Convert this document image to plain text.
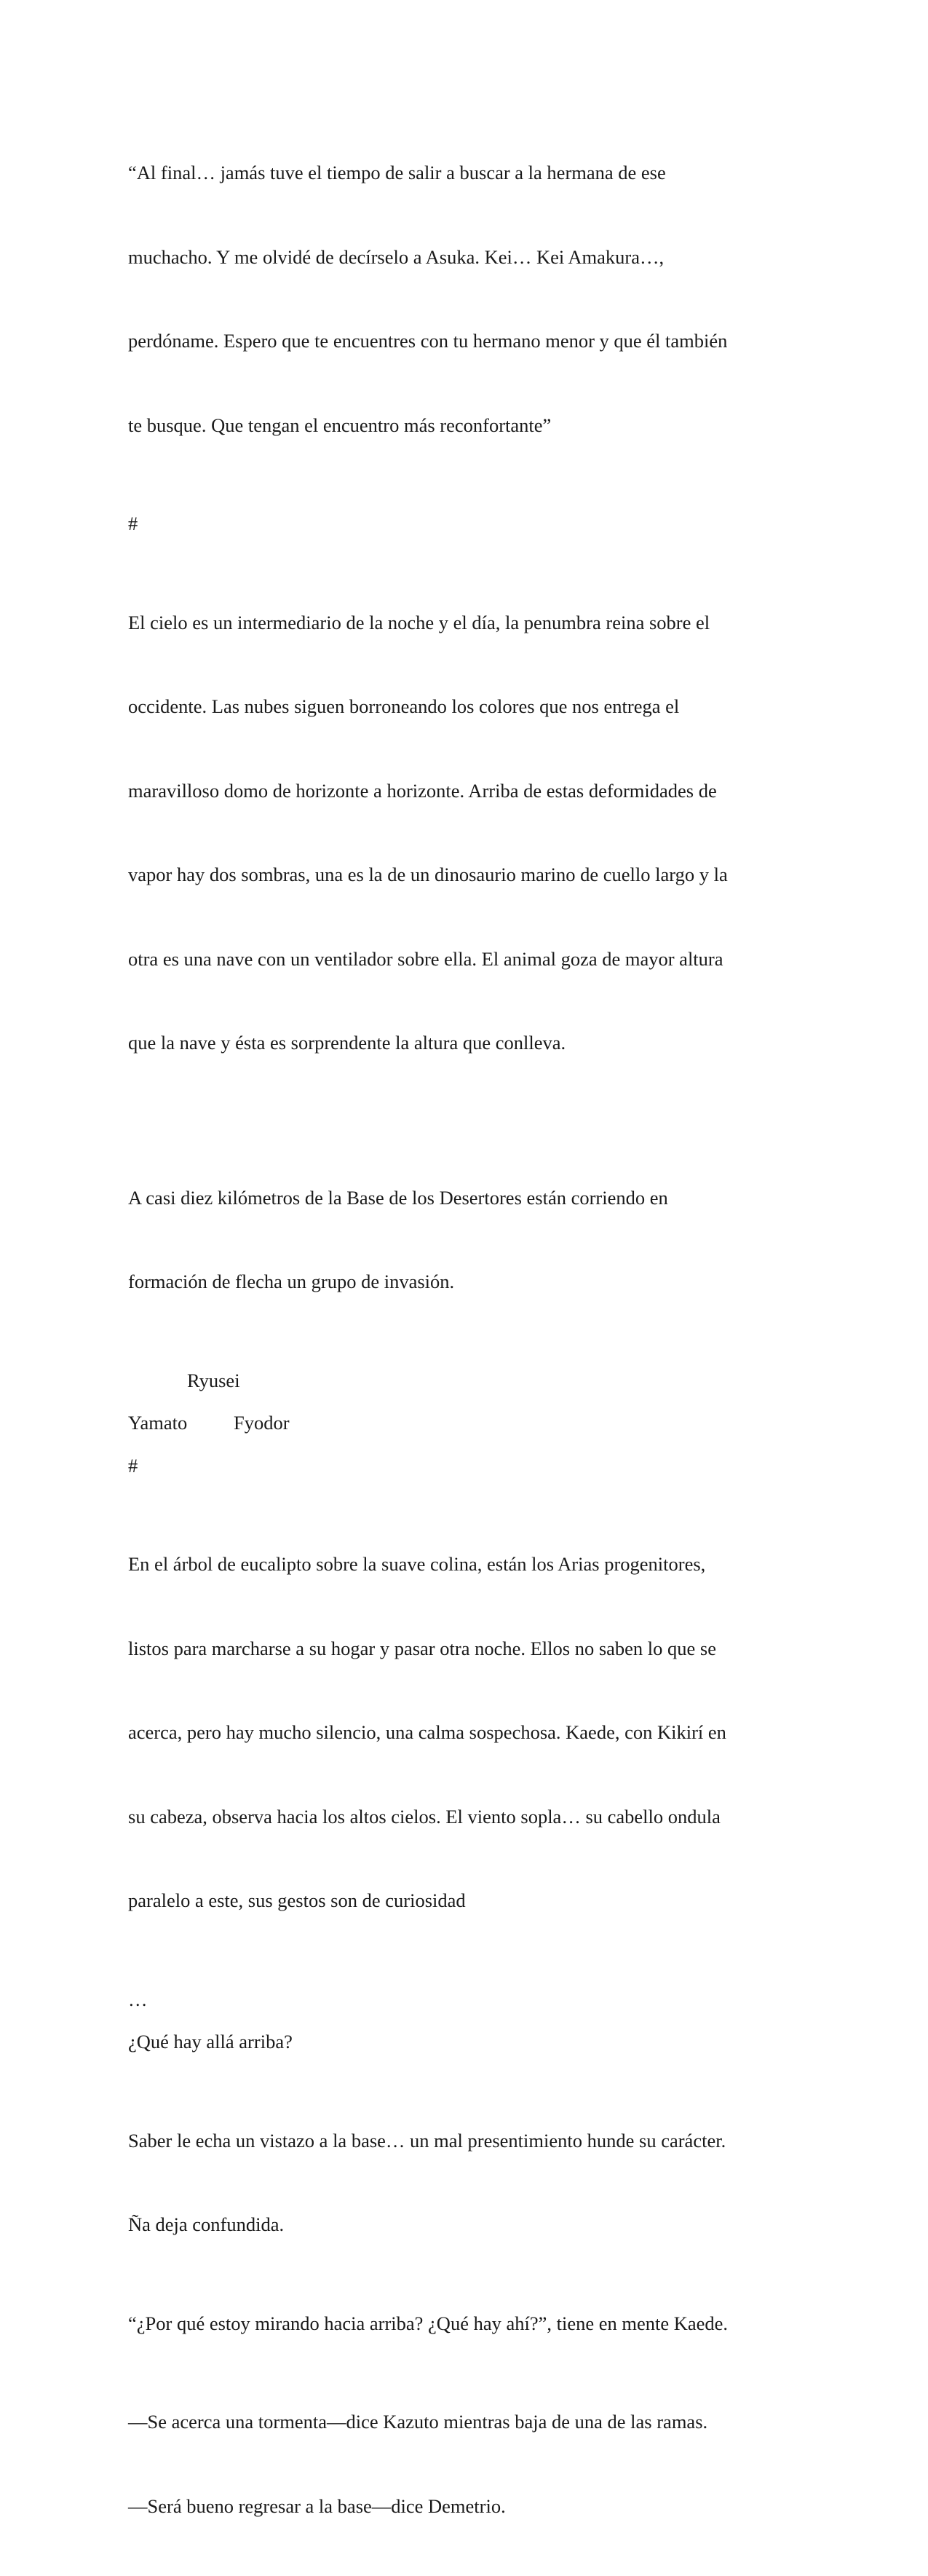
“Al final… jamás tuve el tiempo de salir a buscar a la hermana de ese

muchacho. Y me olvidé de decírselo a Asuka. Kei… Kei Amakura…,

perdóname. Espero que te encuentres con tu hermano menor y que él también

te busque. Que tengan el encuentro más reconfortante”

#

El cielo es un intermediario de la noche y el día, la penumbra reina sobre el

occidente. Las nubes siguen borroneando los colores que nos entrega el

maravilloso domo de horizonte a horizonte. Arriba de estas deformidades de

vapor hay dos sombras, una es la de un dinosaurio marino de cuello largo y la

otra es una nave con un ventilador sobre ella. El animal goza de mayor altura

que la nave y ésta es sorprendente la altura que conlleva.

A casi diez kilómetros de la Base de los Desertores están corriendo en

formación de flecha un grupo de invasión.

Ryusei

Yamato Fyodor

#

En el árbol de eucalipto sobre la suave colina, están los Arias progenitores,

listos para marcharse a su hogar y pasar otra noche. Ellos no saben lo que se

acerca, pero hay mucho silencio, una calma sospechosa. Kaede, con Kikirí en

su cabeza, observa hacia los altos cielos. El viento sopla… su cabello ondula

paralelo a este, sus gestos son de curiosidad

…

¿Qué hay allá arriba?

Saber le echa un vistazo a la base… un mal presentimiento hunde su carácter.

Ña deja confundida.

“¿Por qué estoy mirando hacia arriba? ¿Qué hay ahí?”, tiene en mente Kaede.

—Se acerca una tormenta—dice Kazuto mientras baja de una de las ramas.

—Será bueno regresar a la base—dice Demetrio.
